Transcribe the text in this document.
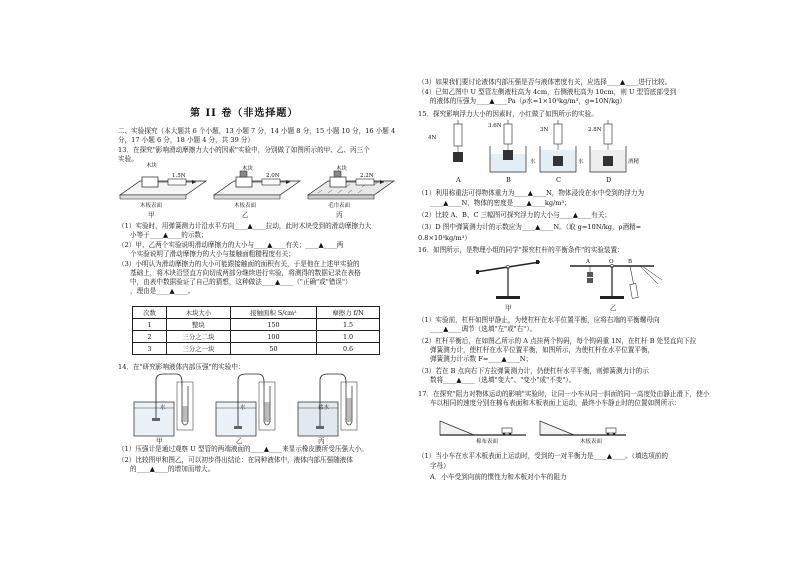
第 II 卷（非选择题）
二、实验探究（本大题共 6 个小题，13 小题 7 分，14 小题 8 分，15 小题 10 分，16 小题 4
分，17 小题 6 分，18 小题 4 分，共 39 分）
13．在探究"影响滑动摩擦力大小的因素"实验中，分别做了如图所示的甲、乙、丙三个
实验。
木块	木块	木块
1.5N	2.0N	2.2N
木板表面	木板表面	毛巾表面
甲	乙	丙
（1）实验时，用弹簧测力计沿水平方向____▲____拉动，此时木块受到的滑动摩擦力大
小等于____▲____的示数；
（2）甲、乙两个实验说明滑动摩擦力的大小与____▲____有关；____▲____两
个实验说明了滑动摩擦力的大小与接触面粗糙程度有关；
（3）小明认为滑动摩擦力的大小可能跟接触面的面积有关，于是他在上述甲实验的
基础上，将木块沿竖直方向切成两部分继续进行实验，将测得的数据记录在表格
中，由表中数据验证了自己的猜想，这种做法____▲____（"正确"或"错误"）
，理由是____▲____。
次数	木块大小	接触面积 S/cm²	摩擦力 f/N
1	整块	150	1.5
2	三分之二块	100	1.0
3	三分之一块	50	0.6
14．在"研究影响液体内部压强"的实验中：
水	水	盐水
甲	乙	丙
（1）压强计是通过观察 U 型管的两端液面的____▲____来显示橡皮膜所受压强大小。
（2）比较图甲和图乙，可以初步得出结论：在同种液体中，液体内部压强随液体
的____▲____的增加而增大。
（3）如果我们要讨论液体内部压强是否与液体密度有关，应选择____▲____进行比较。
（4）已知乙图中 U 型管左侧液柱高为 4cm，右侧液柱高为 10cm，则 U 型管底部受到
的液体的压强为____▲____Pa（ρ水=1×10³kg/m³，g=10N/kg）
15．探究影响浮力大小的因素时，小红做了如图所示的实验。
4N
3.6N
3N	2.8N
水	水	酒精
A	B	C	D
（1）利用称重法可得物体重力为____▲____N，物体浸没在水中受到的浮力为
____▲____N，物体的密度是____▲____kg/m³；
（2）比较 A、B、C 三幅图可探究浮力的大小与____▲____有关；
（3）D 图中弹簧测力计的示数应为____▲____N。（取 g=10N/kg，ρ酒精=
0.8×10³kg/m³）
16．如图所示，是物理小组的同学"探究杠杆的平衡条件"的实验装置：
A	O	B
甲	乙
（1）实验前，杠杆如图甲静止，为使杠杆在水平位置平衡，应将右端的平衡螺母向
____▲____调节（选填"左"或"右"）。
（2）杠杆平衡后，在如图乙所示的 A 点挂两个钩码，每个钩码重 1N，在杠杆 B 处竖直向下拉
弹簧测力计，使杠杆在水平位置平衡，如图所示，为使杠杆在水平位置平衡，
弹簧测力计示数 F=____▲____N；
（3）若在 B 点向右下方拉弹簧测力计，仍使杠杆水平平衡，则弹簧测力计的示
数将____▲____（选填"变大"、"变小"或"不变"）。
17．在探究"阻力对物体运动的影响"实验时，让同一小车从同一斜面的同一高度处由静止滑下，使小
车以相同的速度分别在棉布表面和木板表面上运动，最终小车静止时的位置如图所示：
棉布表面	木板表面
（1）当小车在水平木板表面上运动时，受到的一对平衡力是____▲____。（填选项前的
字母）
A．小车受到向前的惯性力和木板对小车的阻力
